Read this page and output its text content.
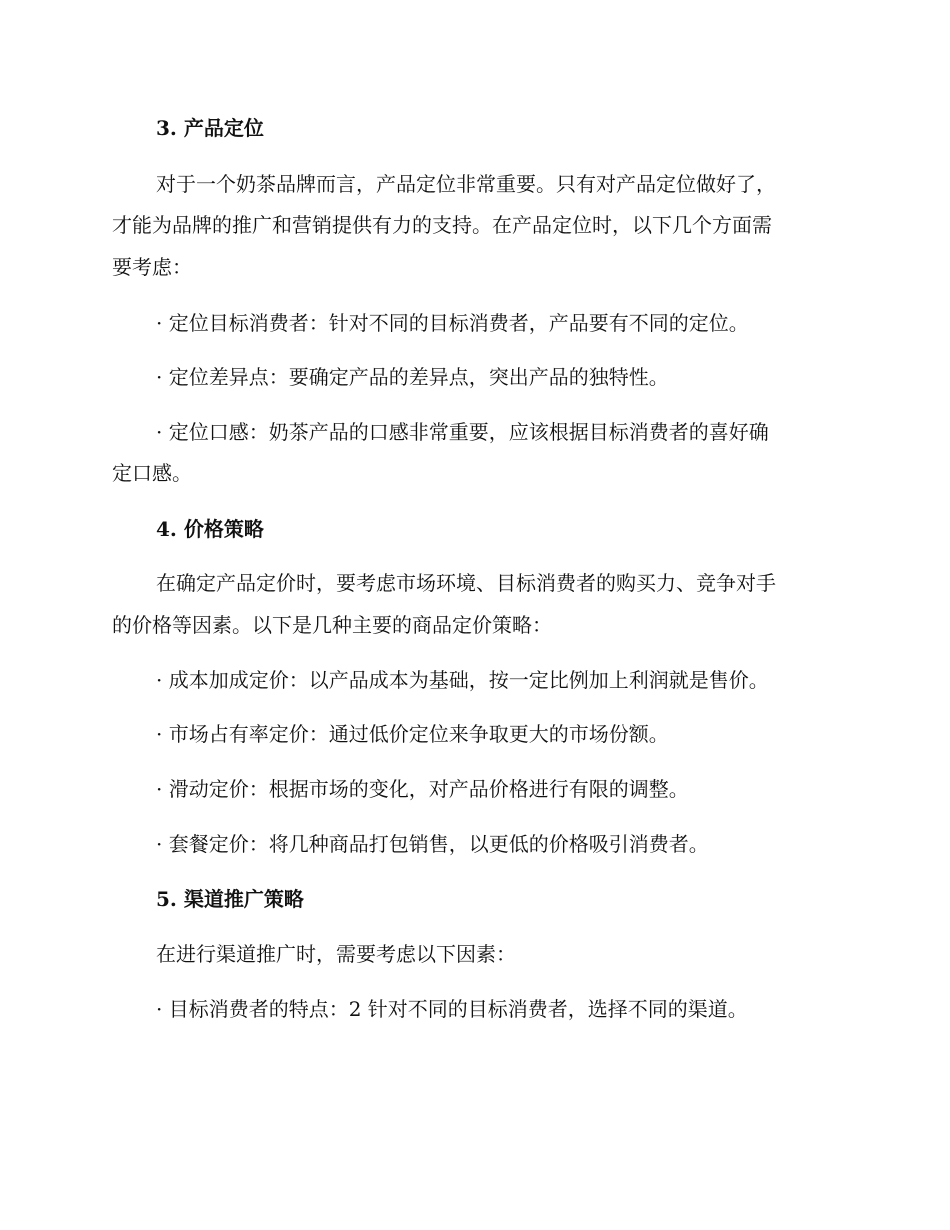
3. 产品定位
对于一个奶茶品牌而言，产品定位非常重要。只有对产品定位做好了，
才能为品牌的推广和营销提供有力的支持。在产品定位时，以下几个方面需
要考虑：
· 定位目标消费者：针对不同的目标消费者，产品要有不同的定位。
· 定位差异点：要确定产品的差异点，突出产品的独特性。
· 定位口感：奶茶产品的口感非常重要，应该根据目标消费者的喜好确
定口感。
4. 价格策略
在确定产品定价时，要考虑市场环境、目标消费者的购买力、竞争对手
的价格等因素。以下是几种主要的商品定价策略：
· 成本加成定价：以产品成本为基础，按一定比例加上利润就是售价。
· 市场占有率定价：通过低价定位来争取更大的市场份额。
· 滑动定价：根据市场的变化，对产品价格进行有限的调整。
· 套餐定价：将几种商品打包销售，以更低的价格吸引消费者。
5. 渠道推广策略
在进行渠道推广时，需要考虑以下因素：
· 目标消费者的特点：2 针对不同的目标消费者，选择不同的渠道。
